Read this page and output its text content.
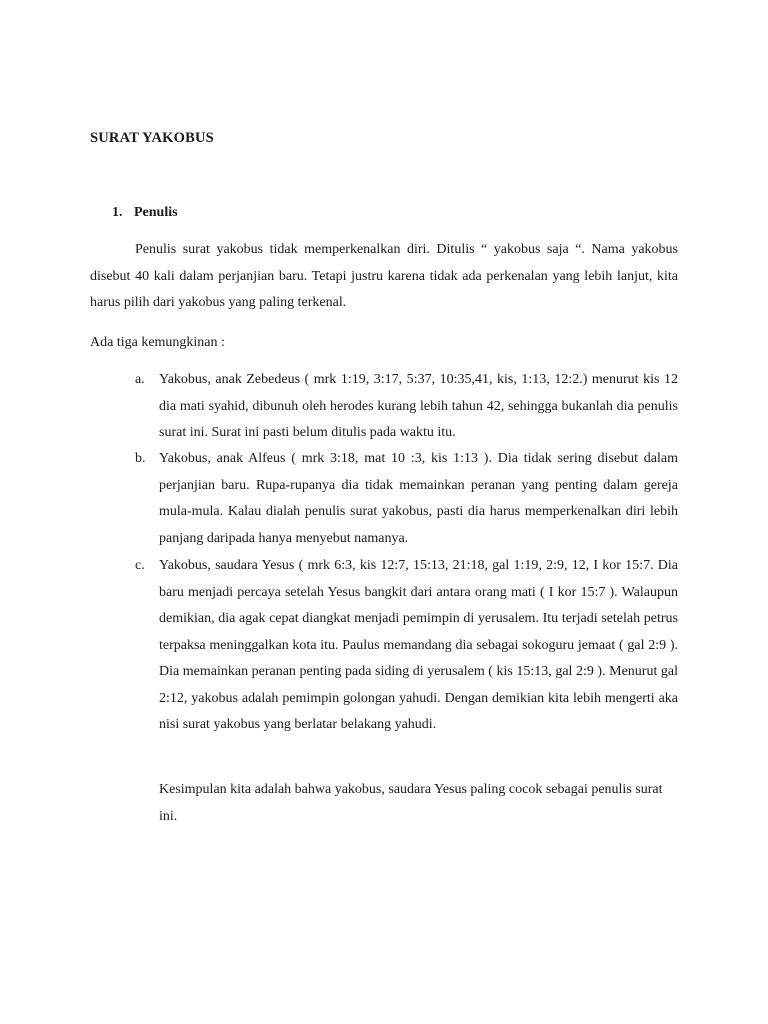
SURAT YAKOBUS
1. Penulis

Penulis surat yakobus tidak memperkenalkan diri. Ditulis “ yakobus saja “. Nama yakobus disebut 40 kali dalam perjanjian baru. Tetapi justru karena tidak ada perkenalan yang lebih lanjut, kita harus pilih dari yakobus yang paling terkenal.

Ada tiga kemungkinan :

a.	Yakobus, anak Zebedeus ( mrk 1:19, 3:17, 5:37, 10:35,41, kis, 1:13, 12:2.) menurut kis 12 dia mati syahid, dibunuh oleh herodes kurang lebih tahun 42, sehingga bukanlah dia penulis surat ini. Surat ini pasti belum ditulis pada waktu itu.

b. Yakobus, anak Alfeus ( mrk 3:18, mat 10 :3, kis 1:13 ). Dia tidak sering disebut dalam perjanjian baru. Rupa-rupanya dia tidak memainkan peranan yang penting dalam gereja mula-mula. Kalau dialah penulis surat yakobus, pasti dia harus memperkenalkan diri lebih panjang daripada hanya menyebut namanya.

c.	Yakobus, saudara Yesus ( mrk 6:3, kis 12:7, 15:13, 21:18, gal 1:19, 2:9, 12, I kor 15:7. Dia baru menjadi percaya setelah Yesus bangkit dari antara orang mati ( I kor 15:7 ). Walaupun demikian, dia agak cepat diangkat menjadi pemimpin di yerusalem. Itu terjadi setelah petrus terpaksa meninggalkan kota itu. Paulus memandang dia sebagai sokoguru jemaat ( gal 2:9 ). Dia memainkan peranan penting pada siding di yerusalem ( kis 15:13, gal 2:9 ). Menurut gal 2:12, yakobus adalah pemimpin golongan yahudi. Dengan demikian kita lebih mengerti aka nisi surat yakobus yang berlatar belakang yahudi.

Kesimpulan kita adalah bahwa yakobus, saudara Yesus paling cocok sebagai penulis surat ini.
